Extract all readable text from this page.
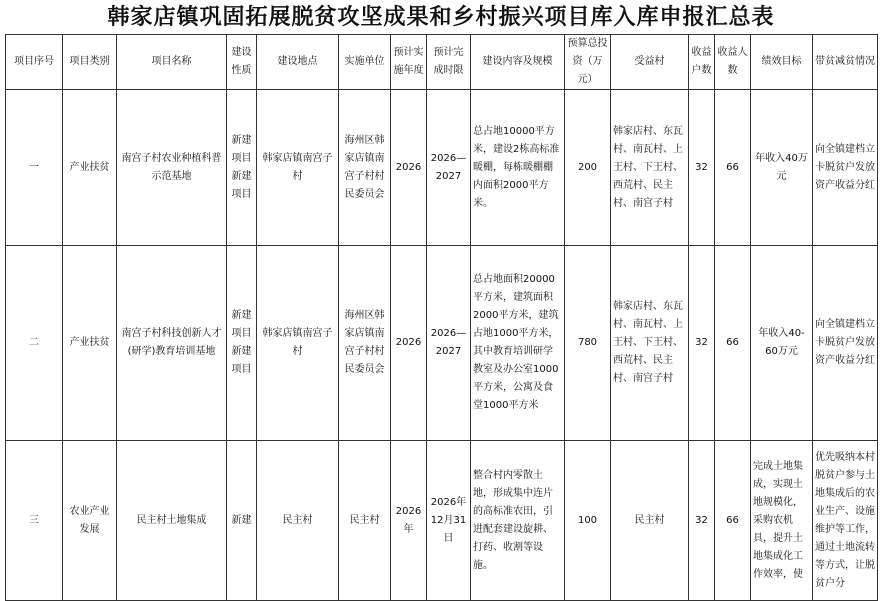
韩家店镇巩固拓展脱贫攻坚成果和乡村振兴项目库入库申报汇总表
项目序号	项目类别	项目名称	建设性质	建设地点	实施单位	预计实施年度	预计完成时限	建设内容及规模	预算总投资（万元）	受益村	收益户数	收益人数	绩效目标	带贫减贫情况
一	产业扶贫	南宫子村农业种植科普示范基地	新建项目新建项目	韩家店镇南宫子村	海州区韩家店镇南宫子村村民委员会	2026	2026—2027	总占地10000平方米，建设2栋高标准暖棚，每栋暖棚棚内面积2000平方米。	200	韩家店村、东瓦村、南瓦村、上王村、下王村、西荒村、民主村、南宫子村	32	66	年收入40万元	向全镇建档立卡脱贫户发放资产收益分红
二	产业扶贫	南宫子村科技创新人才(研学)教育培训基地	新建项目新建项目	韩家店镇南宫子村	海州区韩家店镇南宫子村村民委员会	2026	2026—2027	总占地面积20000平方米，建筑面积2000平方米，建筑占地1000平方米，其中教育培训研学教室及办公室1000平方米，公寓及食堂1000平方米	780	韩家店村、东瓦村、南瓦村、上王村、下王村、西荒村、民主村、南宫子村	32	66	年收入40-60万元	向全镇建档立卡脱贫户发放资产收益分红
三	农业产业发展	民主村土地集成	新建	民主村	民主村	2026年	2026年12月31日	整合村内零散土地，形成集中连片的高标准农田，引进配套建设旋耕、打药、收割等设施。	100	民主村	32	66	完成土地集成，实现土地规模化，采购农机具，提升土地集成化工作效率，使	优先吸纳本村脱贫户参与土地集成后的农业生产、设施维护等工作，通过土地流转等方式，让脱贫户分
